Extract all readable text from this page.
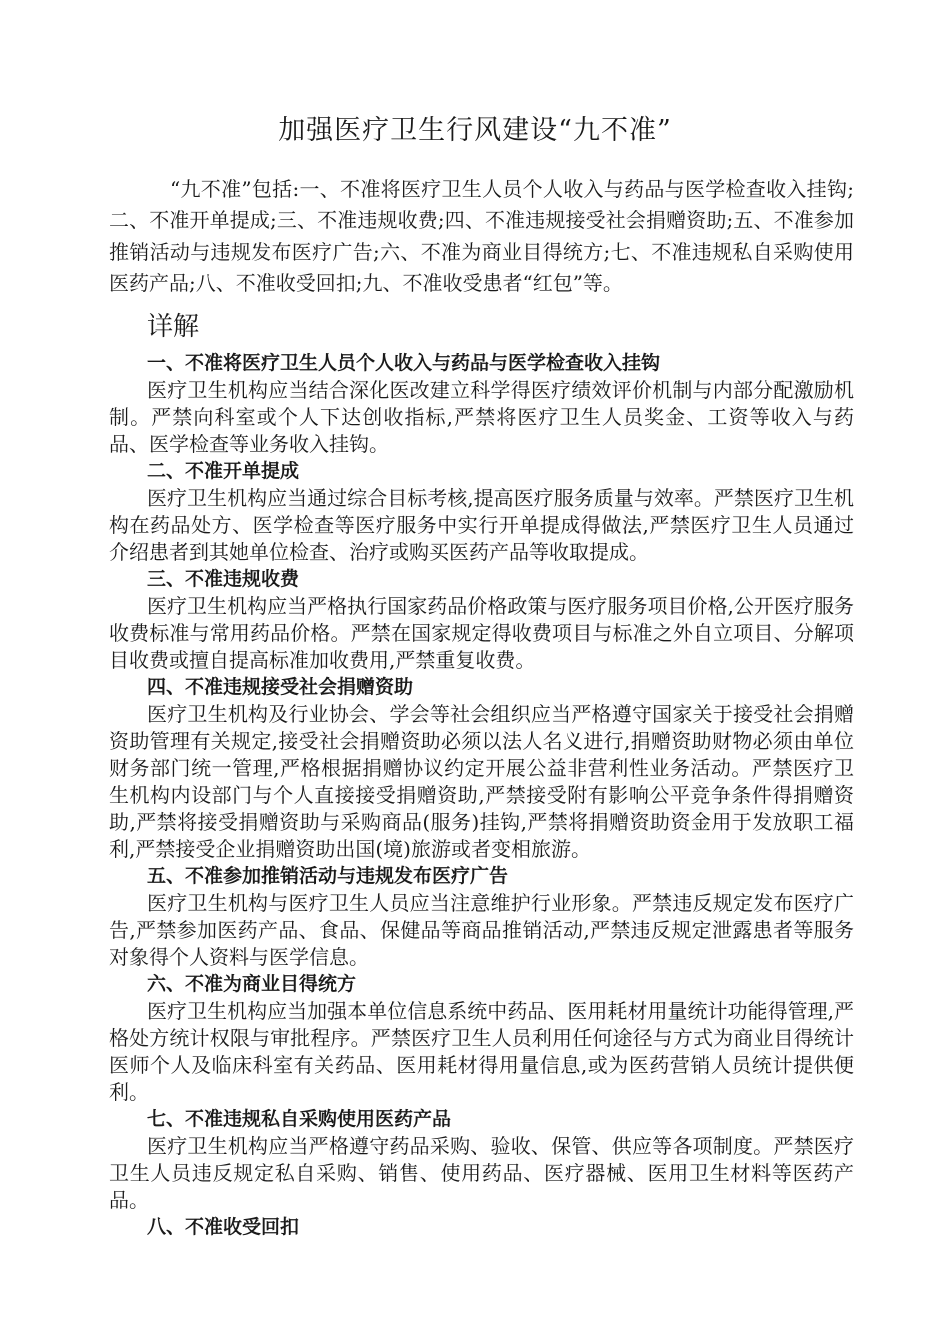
加强医疗卫生行风建设“九不准”

“九不准”包括:一、不准将医疗卫生人员个人收入与药品与医学检查收入挂钩;二、不准开单提成;三、不准违规收费;四、不准违规接受社会捐赠资助;五、不准参加推销活动与违规发布医疗广告;六、不准为商业目得统方;七、不准违规私自采购使用医药产品;八、不准收受回扣;九、不准收受患者“红包”等。

详解
一、不准将医疗卫生人员个人收入与药品与医学检查收入挂钩

医疗卫生机构应当结合深化医改建立科学得医疗绩效评价机制与内部分配激励机制。严禁向科室或个人下达创收指标,严禁将医疗卫生人员奖金、工资等收入与药品、医学检查等业务收入挂钩。

二、不准开单提成

医疗卫生机构应当通过综合目标考核,提高医疗服务质量与效率。严禁医疗卫生机构在药品处方、医学检查等医疗服务中实行开单提成得做法,严禁医疗卫生人员通过介绍患者到其她单位检查、治疗或购买医药产品等收取提成。

三、不准违规收费

医疗卫生机构应当严格执行国家药品价格政策与医疗服务项目价格,公开医疗服务收费标准与常用药品价格。严禁在国家规定得收费项目与标准之外自立项目、分解项目收费或擅自提高标准加收费用,严禁重复收费。

四、不准违规接受社会捐赠资助

医疗卫生机构及行业协会、学会等社会组织应当严格遵守国家关于接受社会捐赠资助管理有关规定,接受社会捐赠资助必须以法人名义进行,捐赠资助财物必须由单位财务部门统一管理,严格根据捐赠协议约定开展公益非营利性业务活动。严禁医疗卫生机构内设部门与个人直接接受捐赠资助,严禁接受附有影响公平竞争条件得捐赠资助,严禁将接受捐赠资助与采购商品(服务)挂钩,严禁将捐赠资助资金用于发放职工福利,严禁接受企业捐赠资助出国(境)旅游或者变相旅游。

五、不准参加推销活动与违规发布医疗广告

医疗卫生机构与医疗卫生人员应当注意维护行业形象。严禁违反规定发布医疗广告,严禁参加医药产品、食品、保健品等商品推销活动,严禁违反规定泄露患者等服务对象得个人资料与医学信息。

六、不准为商业目得统方

医疗卫生机构应当加强本单位信息系统中药品、医用耗材用量统计功能得管理,严格处方统计权限与审批程序。严禁医疗卫生人员利用任何途径与方式为商业目得统计医师个人及临床科室有关药品、医用耗材得用量信息,或为医药营销人员统计提供便利。

七、不准违规私自采购使用医药产品

医疗卫生机构应当严格遵守药品采购、验收、保管、供应等各项制度。严禁医疗卫生人员违反规定私自采购、销售、使用药品、医疗器械、医用卫生材料等医药产品。

八、不准收受回扣
